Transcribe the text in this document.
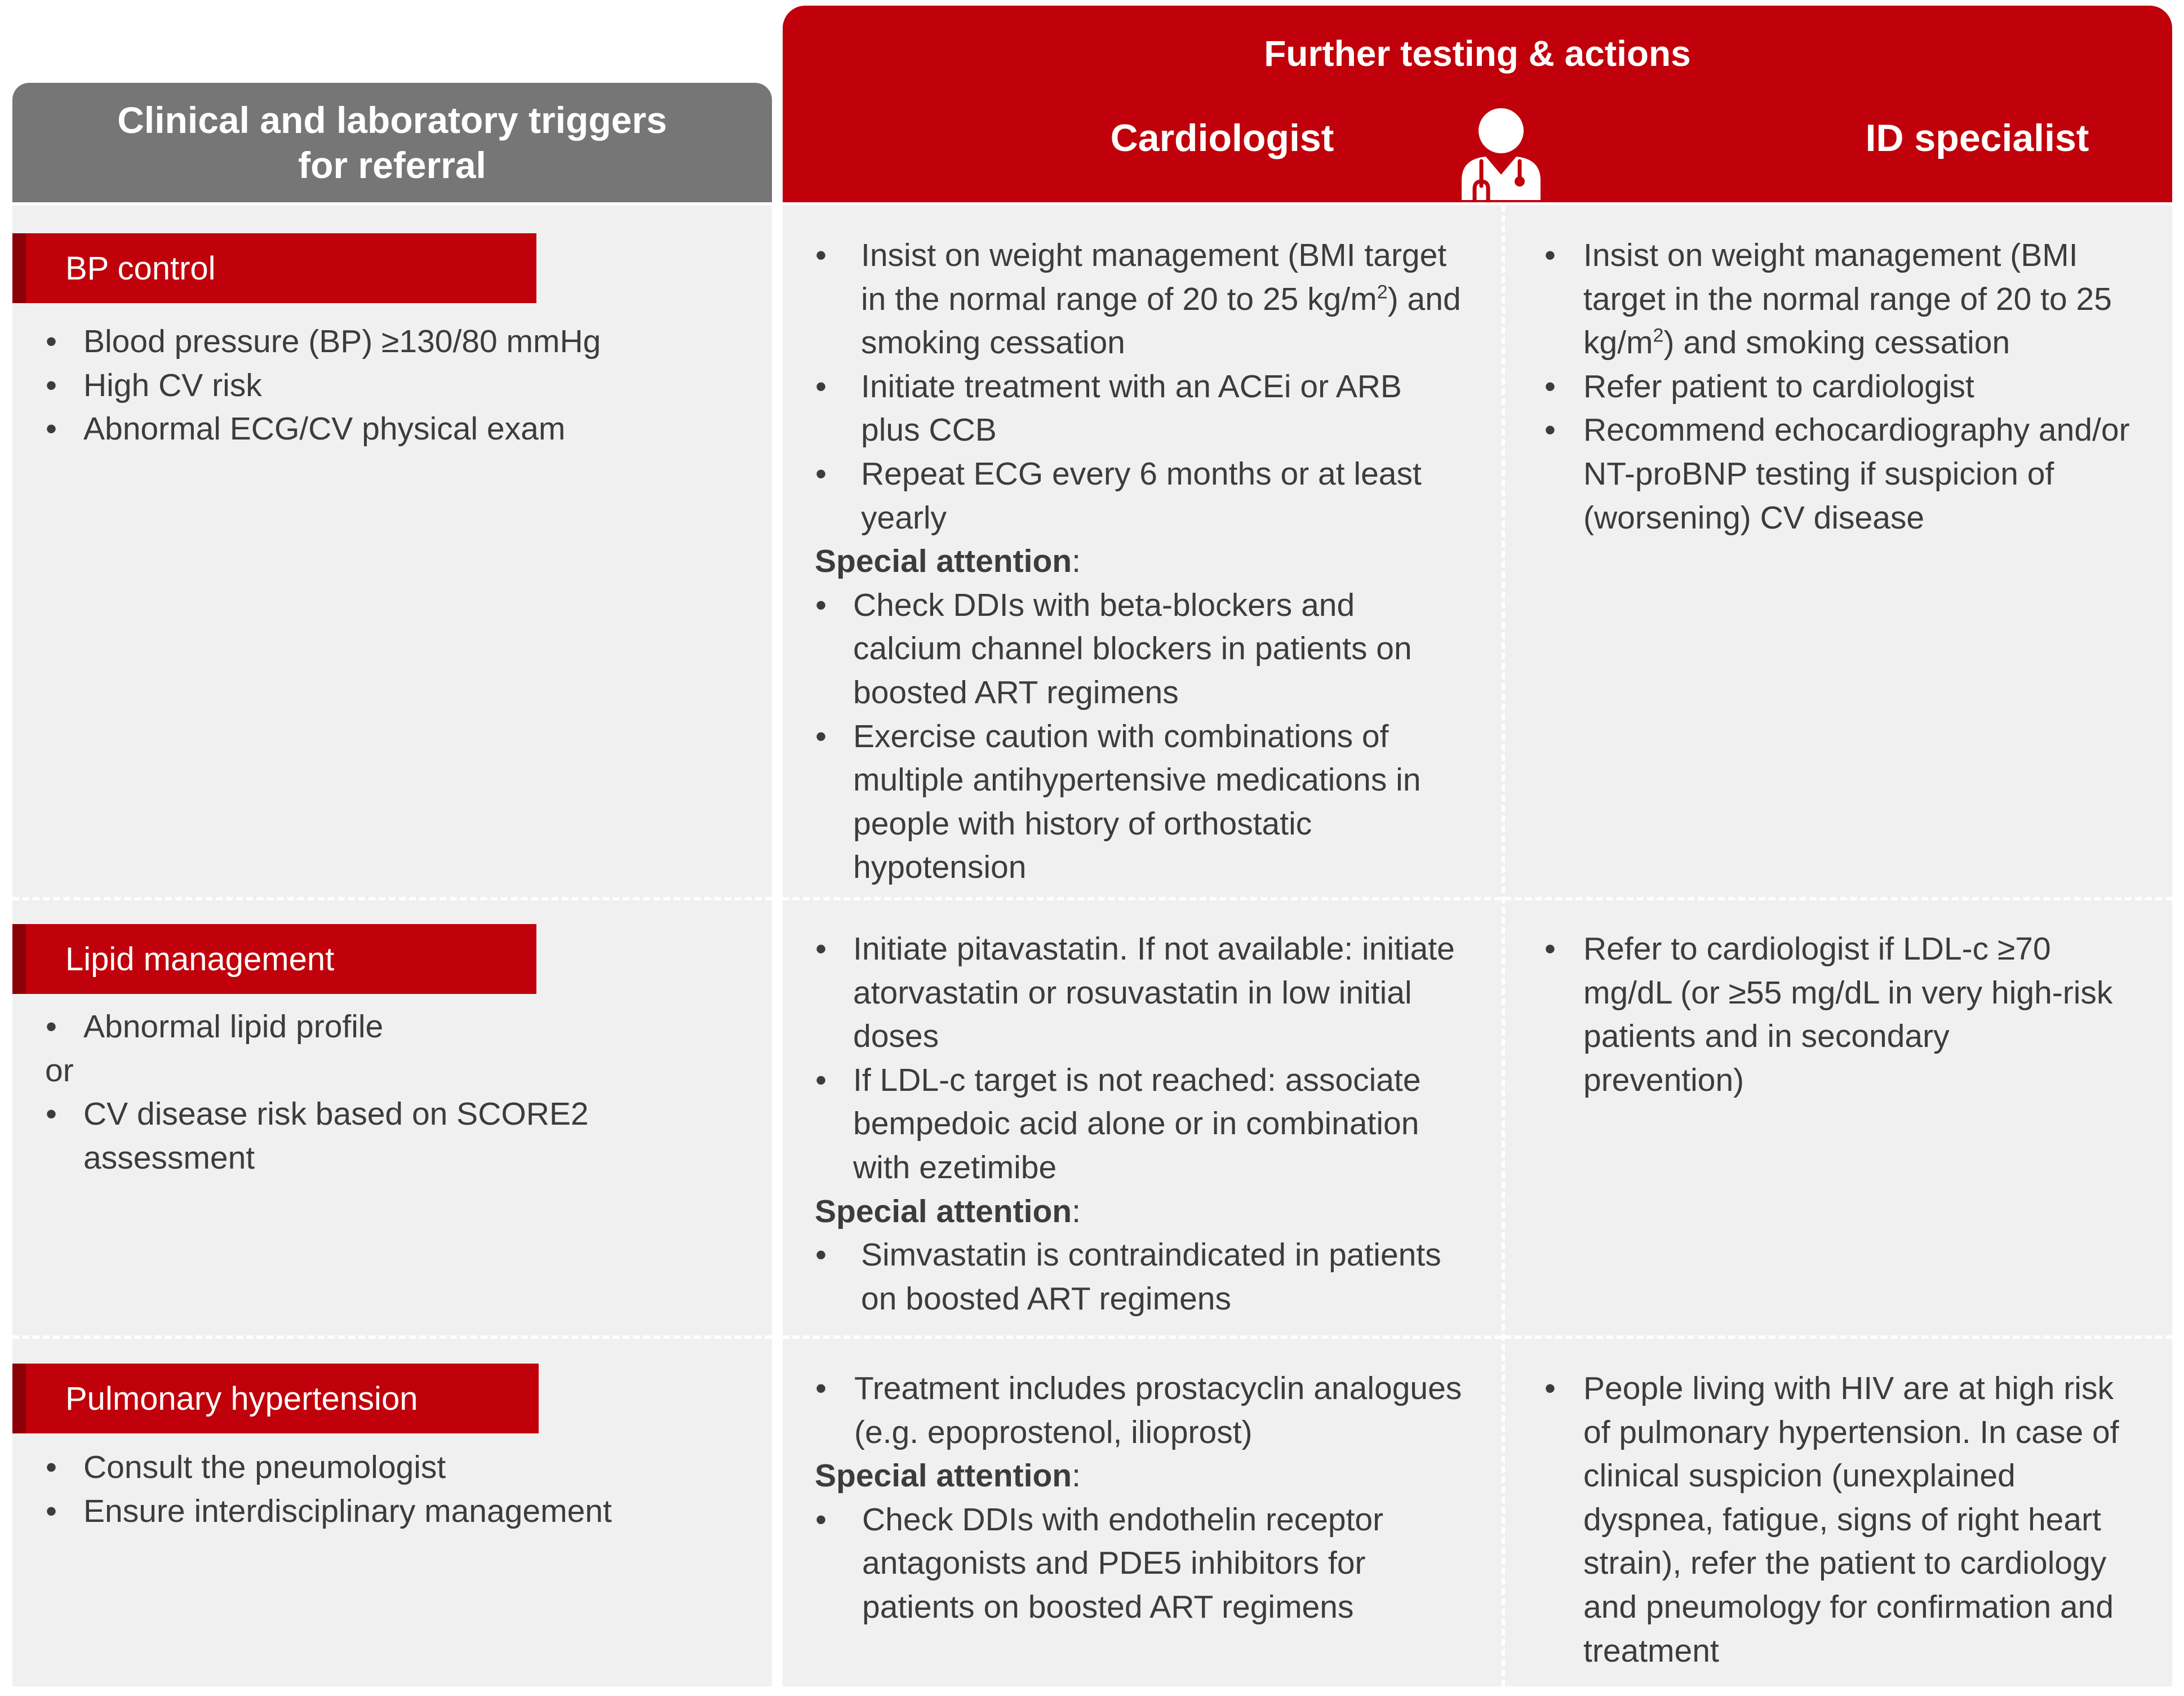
Clinical and laboratory triggers for referral
Further testing & actions
Cardiologist	ID specialist
BP control
• Blood pressure (BP) ≥130/80 mmHg
• High CV risk
• Abnormal ECG/CV physical exam
• Insist on weight management (BMI target in the normal range of 20 to 25 $kg/m^2$) and smoking cessation
• Initiate treatment with an ACEi or ARB plus CCB
• Repeat ECG every 6 months or at least yearly
Special attention:
• Check DDIs with beta-blockers and calcium channel blockers in patients on boosted ART regimens
• Exercise caution with combinations of multiple antihypertensive medications in people with history of orthostatic hypotension
• Insist on weight management (BMI target in the normal range of 20 to 25 $kg/m^2$) and smoking cessation
• Refer patient to cardiologist
• Recommend echocardiography and/or NT-proBNP testing if suspicion of (worsening) CV disease
Lipid management
• Abnormal lipid profile
or
• CV disease risk based on SCORE2 assessment
• Initiate pitavastatin. If not available: initiate atorvastatin or rosuvastatin in low initial doses
• If LDL-c target is not reached: associate bempedoic acid alone or in combination with ezetimibe
Special attention:
• Simvastatin is contraindicated in patients on boosted ART regimens
• Refer to cardiologist if LDL-c ≥70 mg/dL (or ≥55 mg/dL in very high-risk patients and in secondary prevention)
Pulmonary hypertension
• Consult the pneumologist
• Ensure interdisciplinary management
• Treatment includes prostacyclin analogues (e.g. epoprostenol, ilioprost)
Special attention:
• Check DDIs with endothelin receptor antagonists and PDE5 inhibitors for patients on boosted ART regimens
• People living with HIV are at high risk of pulmonary hypertension. In case of clinical suspicion (unexplained dyspnea, fatigue, signs of right heart strain), refer the patient to cardiology and pneumology for confirmation and treatment
